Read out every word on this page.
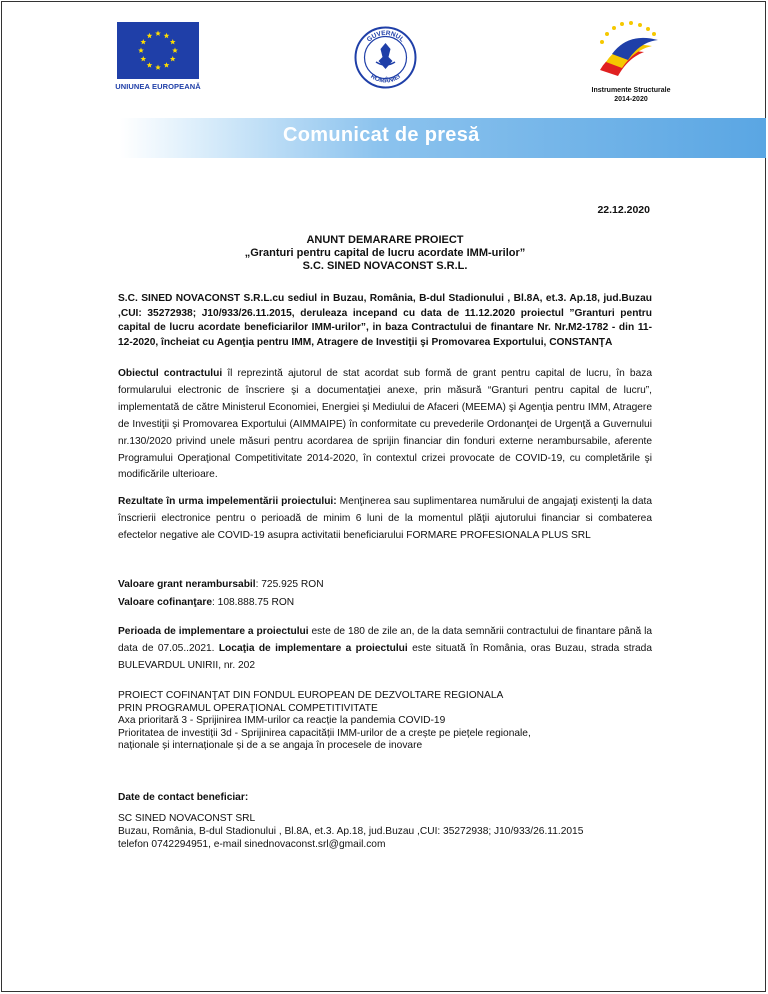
UNIUNEA EUROPEANĂ
GUVERNUL
ROMÂNIEI
Instrumente Structurale
2014-2020
Comunicat de presă
22.12.2020
ANUNT DEMARARE PROIECT
„Granturi pentru capital de lucru acordate IMM-urilor”
S.C. SINED NOVACONST S.R.L.
S.C. SINED NOVACONST S.R.L.cu sediul in Buzau, România, B-dul Stadionului , Bl.8A, et.3. Ap.18, jud.Buzau ,CUI: 35272938; J10/933/26.11.2015, deruleaza incepand cu data de 11.12.2020 proiectul ”Granturi pentru capital de lucru acordate beneficiarilor IMM-urilor”, in baza Contractului de finantare Nr. Nr.M2-1782 - din 11-12-2020, încheiat cu Agenţia pentru IMM, Atragere de Investiţii şi Promovarea Exportului, CONSTANŢA
Obiectul contractului îl reprezintă ajutorul de stat acordat sub formă de grant pentru capital de lucru, în baza formularului electronic de înscriere şi a documentaţiei anexe, prin măsură “Granturi pentru capital de lucru”, implementată de către Ministerul Economiei, Energiei şi Mediului de Afaceri (MEEMA) şi Agenţia pentru IMM, Atragere de Investiţii şi Promovarea Exportului (AIMMAIPE) în conformitate cu prevederile Ordonanţei de Urgenţă a Guvernului nr.130/2020 privind unele măsuri pentru acordarea de sprijin financiar din fonduri externe nerambursabile, aferente Programului Operaţional Competitivitate 2014-2020, în contextul crizei provocate de COVID-19, cu completările şi modificările ulterioare.
Rezultate în urma impelementării proiectului: Menţinerea sau suplimentarea numărului de angajaţi existenţi la data înscrierii electronice pentru o perioadă de minim 6 luni de la momentul plăţii ajutorului financiar si combaterea efectelor negative ale COVID-19 asupra activitatii beneficiarului FORMARE PROFESIONALA PLUS SRL
Valoare grant nerambursabil: 725.925 RON
Valoare cofinanţare: 108.888.75 RON
Perioada de implementare a proiectului este de 180 de zile an, de la data semnării contractului de finantare până la data de 07.05..2021. Locaţia de implementare a proiectului este situată în România, oras Buzau, strada strada BULEVARDUL UNIRII, nr. 202
PROIECT COFINANŢAT DIN FONDUL EUROPEAN DE DEZVOLTARE REGIONALA
PRIN PROGRAMUL OPERAŢIONAL COMPETITIVITATE
Axa prioritară 3 - Sprijinirea IMM-urilor ca reacție la pandemia COVID-19
Prioritatea de investiții 3d - Sprijinirea capacității IMM-urilor de a crește pe piețele regionale,
naționale și internaționale și de a se angaja în procesele de inovare
Date de contact beneficiar:
SC SINED NOVACONST SRL
Buzau, România, B-dul Stadionului , Bl.8A, et.3. Ap.18, jud.Buzau ,CUI: 35272938; J10/933/26.11.2015
telefon 0742294951, e-mail sinednovaconst.srl@gmail.com
